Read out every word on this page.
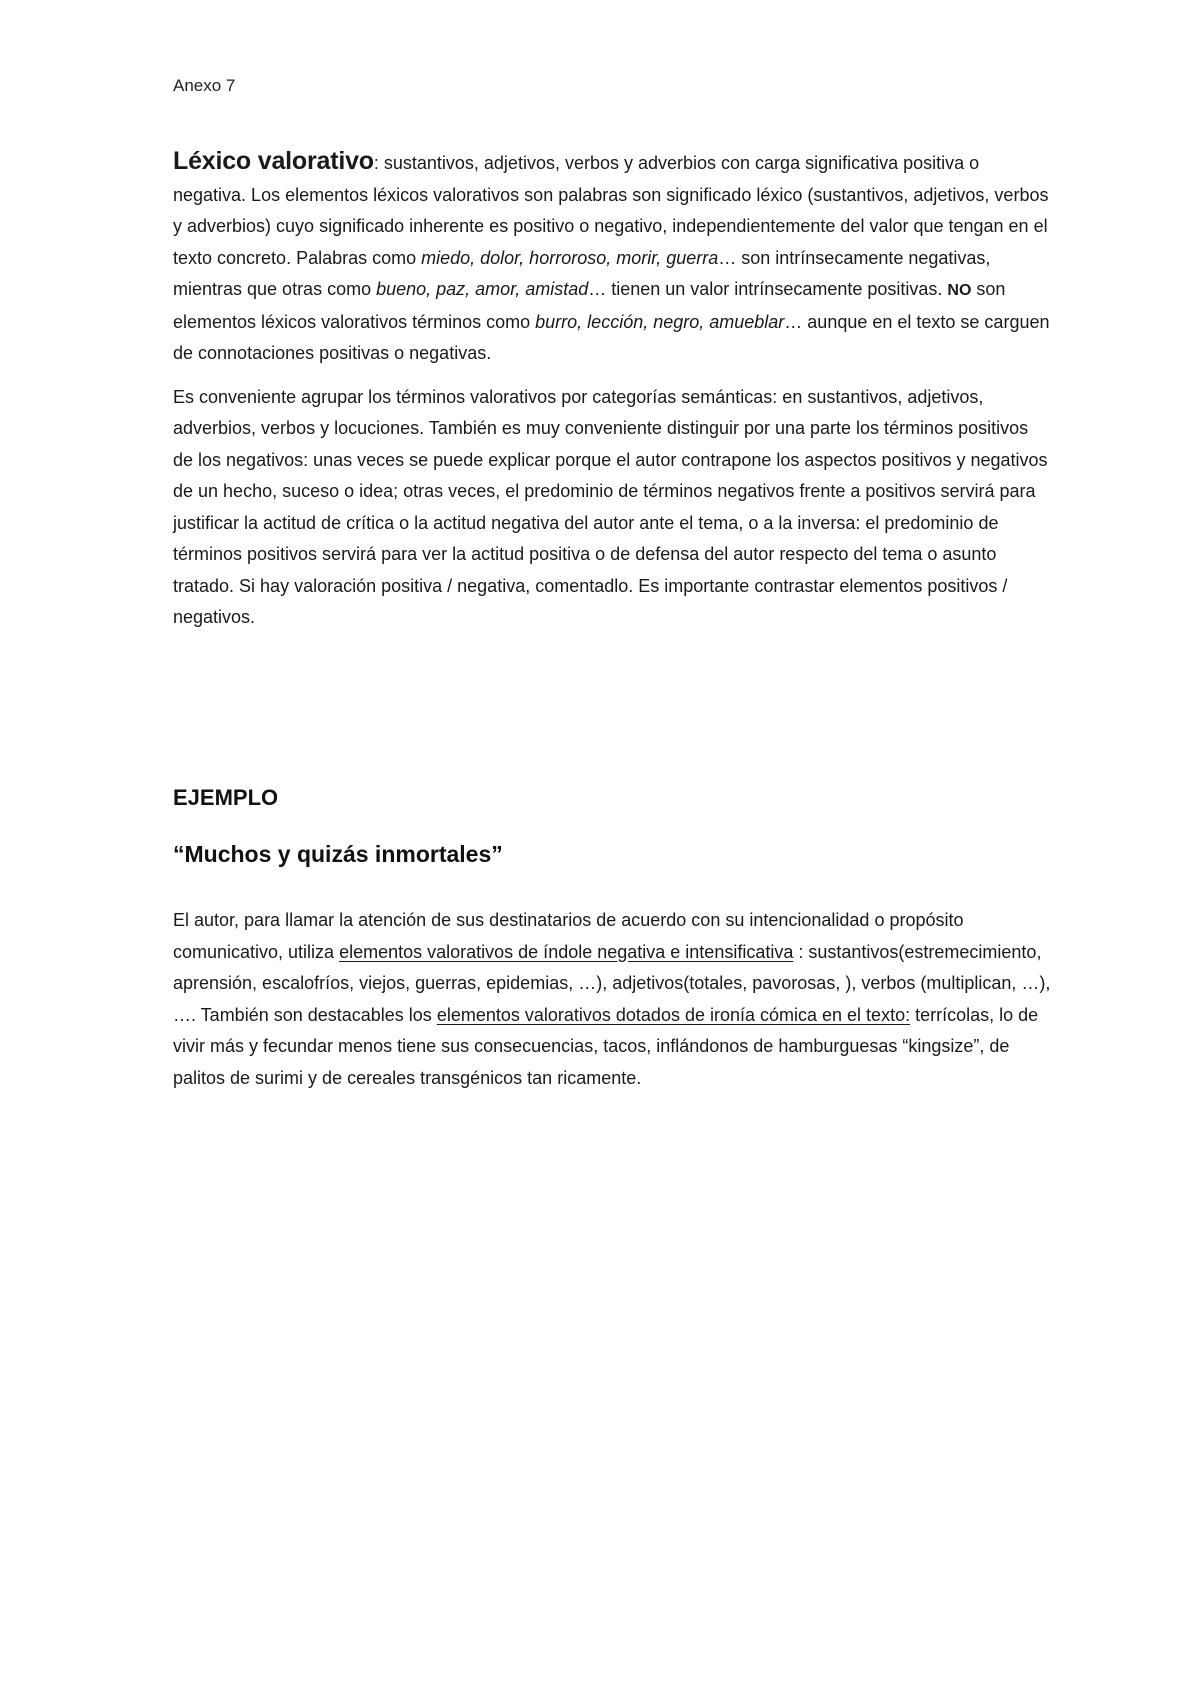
Anexo 7

Léxico valorativo: sustantivos, adjetivos, verbos y adverbios con carga significativa positiva o negativa. Los elementos léxicos valorativos son palabras son significado léxico (sustantivos, adjetivos, verbos y adverbios) cuyo significado inherente es positivo o negativo, independientemente del valor que tengan en el texto concreto. Palabras como miedo, dolor, horroroso, morir, guerra… son intrínsecamente negativas, mientras que otras como bueno, paz, amor, amistad… tienen un valor intrínsecamente positivas. NO son elementos léxicos valorativos términos como burro, lección, negro, amueblar… aunque en el texto se carguen de connotaciones positivas o negativas.

Es conveniente agrupar los términos valorativos por categorías semánticas: en sustantivos, adjetivos, adverbios, verbos y locuciones. También es muy conveniente distinguir por una parte los términos positivos de los negativos: unas veces se puede explicar porque el autor contrapone los aspectos positivos y negativos de un hecho, suceso o idea; otras veces, el predominio de términos negativos frente a positivos servirá para justificar la actitud de crítica o la actitud negativa del autor ante el tema, o a la inversa: el predominio de términos positivos servirá para ver la actitud positiva o de defensa del autor respecto del tema o asunto tratado. Si hay valoración positiva / negativa, comentadlo. Es importante contrastar elementos positivos / negativos.

EJEMPLO
“Muchos y quizás inmortales”

El autor, para llamar la atención de sus destinatarios de acuerdo con su intencionalidad o propósito comunicativo, utiliza elementos valorativos de índole negativa e intensificativa : sustantivos(estremecimiento, aprensión, escalofríos, viejos, guerras, epidemias, …), adjetivos(totales, pavorosas, ), verbos (multiplican, …), …. También son destacables los elementos valorativos dotados de ironía cómica en el texto: terrícolas, lo de vivir más y fecundar menos tiene sus consecuencias, tacos, inflándonos de hamburguesas “kingsize”, de palitos de surimi y de cereales transgénicos tan ricamente.
